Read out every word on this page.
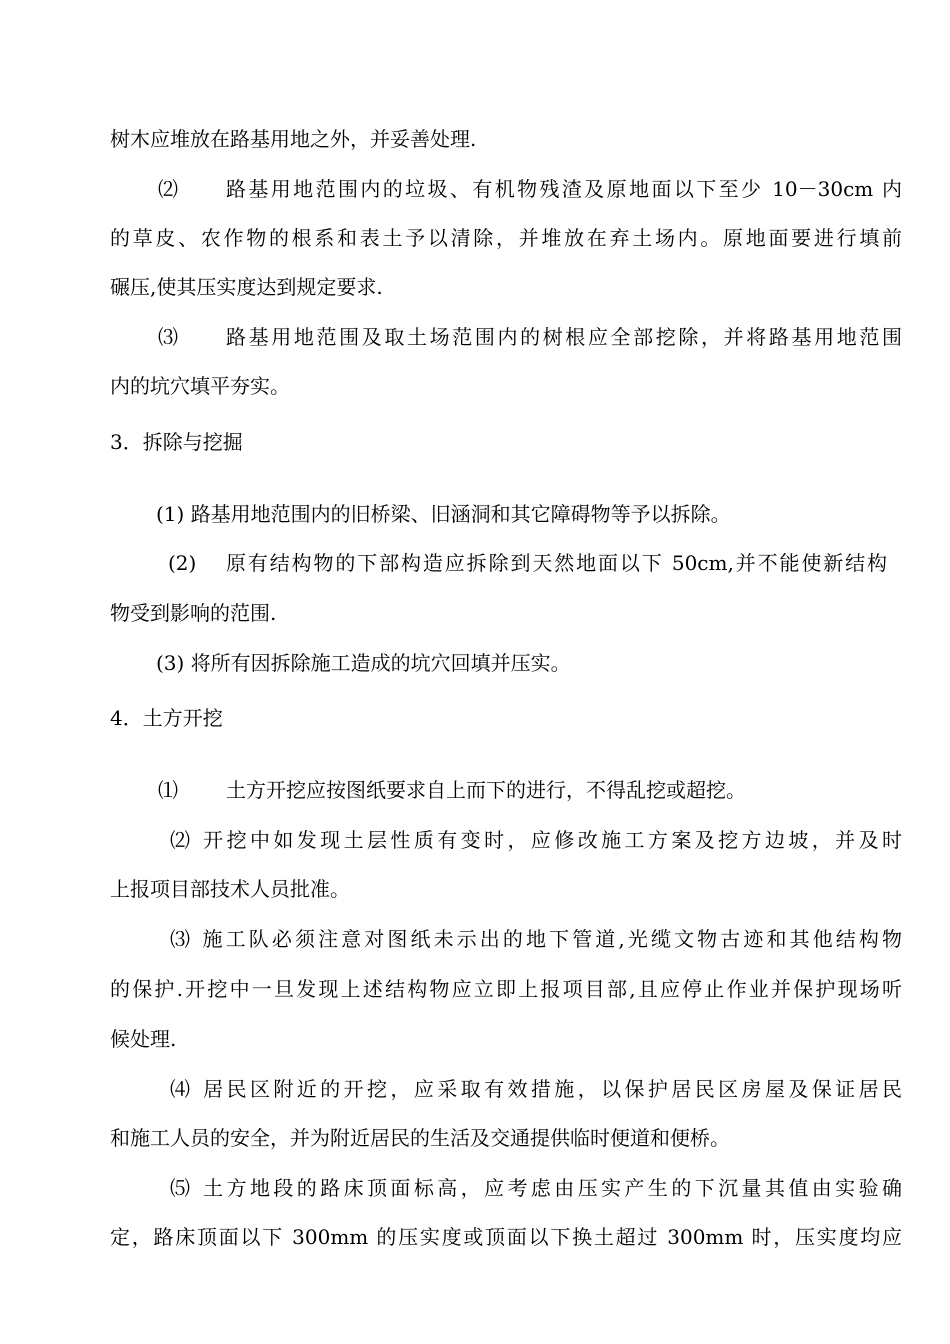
树木应堆放在路基用地之外，并妥善处理.
⑵ 路基用地范围内的垃圾、有机物残渣及原地面以下至少 10－30cm 内
的草皮、农作物的根系和表土予以清除，并堆放在弃土场内。原地面要进行填前
碾压,使其压实度达到规定要求.
⑶ 路基用地范围及取土场范围内的树根应全部挖除，并将路基用地范围
内的坑穴填平夯实。
3．拆除与挖掘
(1) 路基用地范围内的旧桥梁、旧涵洞和其它障碍物等予以拆除。
(2) 原有结构物的下部构造应拆除到天然地面以下 50cm,并不能使新结构
物受到影响的范围.
(3) 将所有因拆除施工造成的坑穴回填并压实。
4．土方开挖
⑴ 土方开挖应按图纸要求自上而下的进行，不得乱挖或超挖。
⑵ 开挖中如发现土层性质有变时，应修改施工方案及挖方边坡，并及时
上报项目部技术人员批准。
⑶ 施工队必须注意对图纸未示出的地下管道,光缆文物古迹和其他结构物
的保护.开挖中一旦发现上述结构物应立即上报项目部,且应停止作业并保护现场听
候处理.
⑷ 居民区附近的开挖，应采取有效措施，以保护居民区房屋及保证居民
和施工人员的安全，并为附近居民的生活及交通提供临时便道和便桥。
⑸ 土方地段的路床顶面标高，应考虑由压实产生的下沉量其值由实验确
定，路床顶面以下 300mm 的压实度或顶面以下换土超过 300mm 时，压实度均应
